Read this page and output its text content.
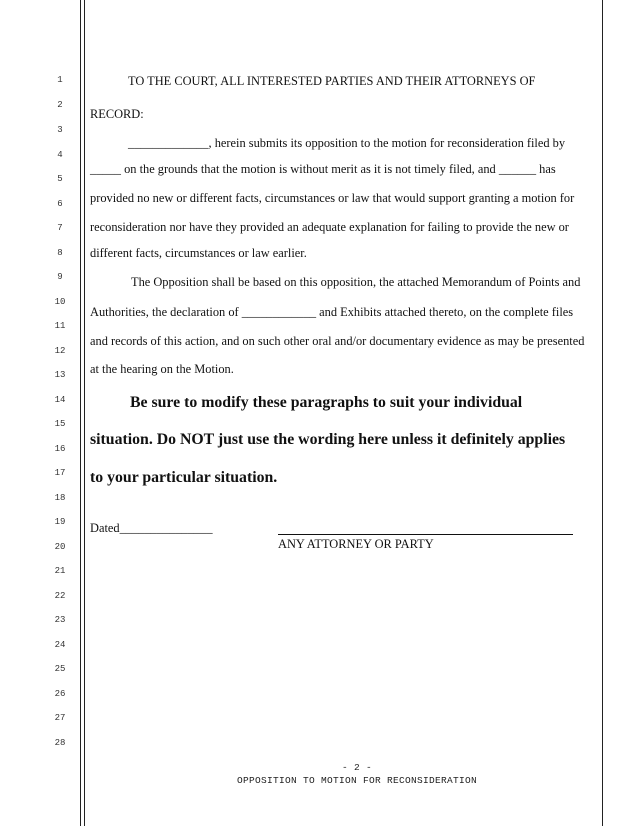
1
2
3
4
5
6
7
8
9
10
11
12
13
14
15
16
17
18
19
20
21
22
23
24
25
26
27
28
TO THE COURT, ALL INTERESTED PARTIES AND THEIR ATTORNEYS OF
RECORD:
_____________, herein submits its opposition to the motion for reconsideration filed by
_____ on the grounds that the motion is without merit as it is not timely filed, and ______ has
provided no new or different facts, circumstances or law that would support granting a motion for
reconsideration nor have they provided an adequate explanation for failing to provide the new or
different facts, circumstances or law earlier.
The Opposition shall be based on this opposition, the attached Memorandum of Points and
Authorities, the declaration of ____________ and Exhibits attached thereto, on the complete files
and records of this action, and on such other oral and/or documentary evidence as may be presented
at the hearing on the Motion.
Be sure to modify these paragraphs to suit your individual
situation. Do NOT just use the wording here unless it definitely applies
to your particular situation.
Dated_______________
ANY ATTORNEY OR PARTY
- 2 -
OPPOSITION TO MOTION FOR RECONSIDERATION
